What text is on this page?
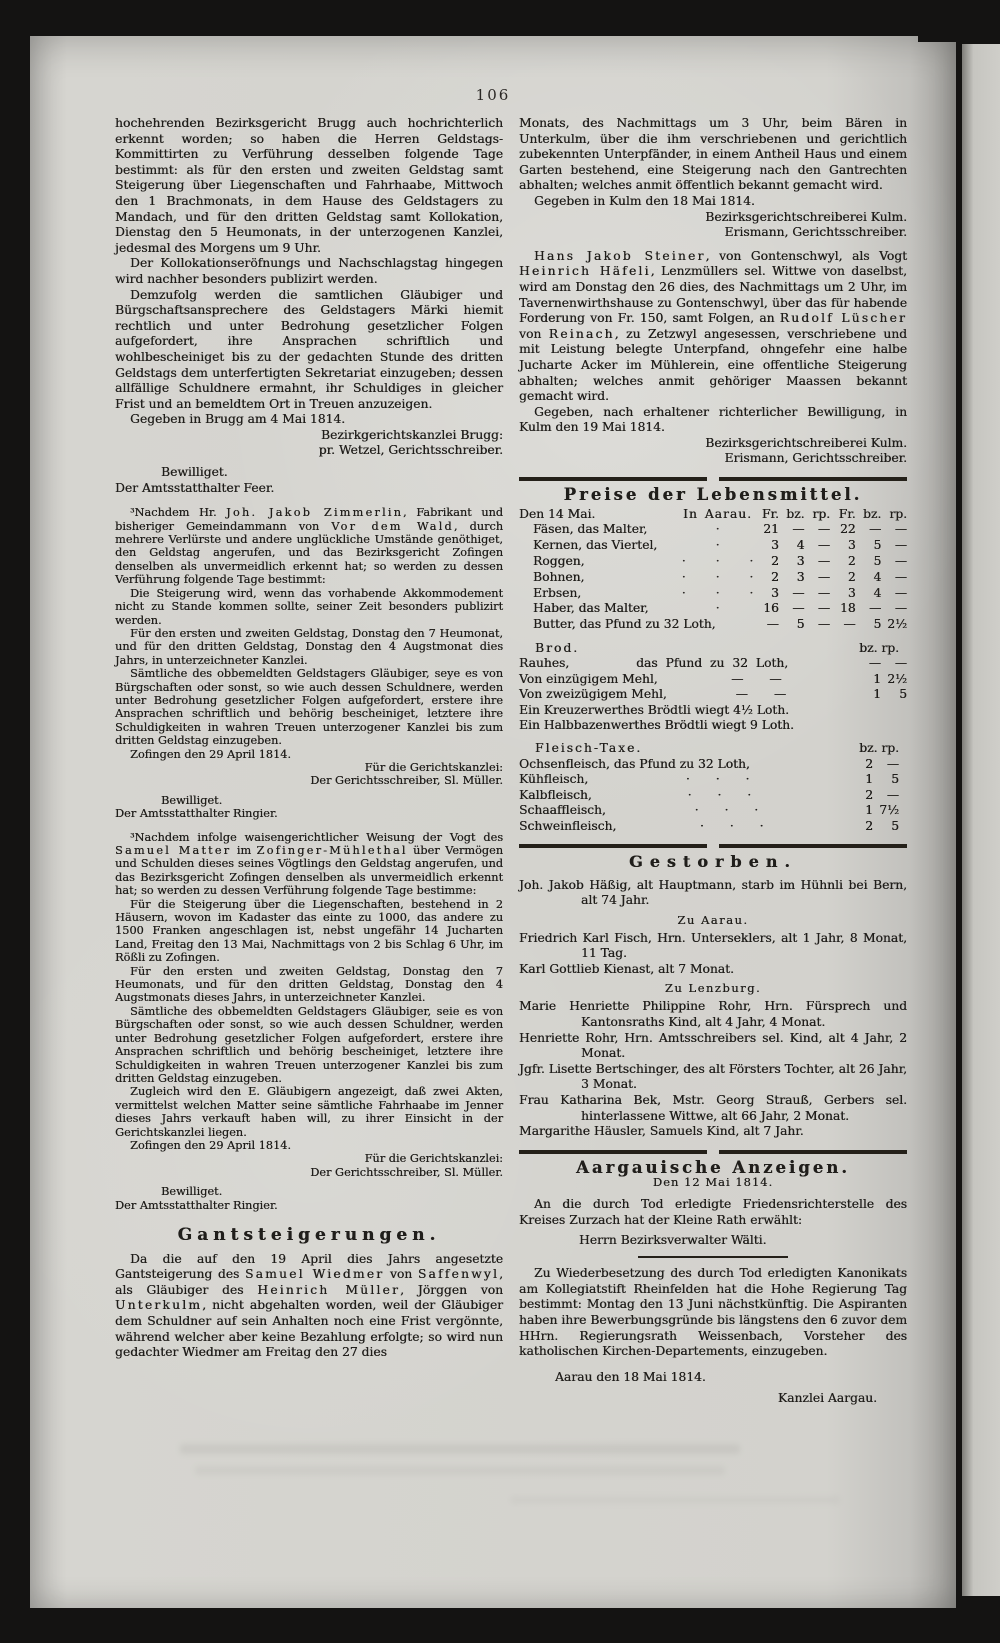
106

hochehrenden Bezirksgericht Brugg auch hochrichterlich erkennt worden; so haben die Herren Geldstags-Kommittirten zu Verführung desselben folgende Tage bestimmt: als für den ersten und zweiten Geldstag samt Steigerung über Liegenschaften und Fahrhaabe, Mittwoch den 1 Brachmonats, in dem Hause des Geldstagers zu Mandach, und für den dritten Geldstag samt Kollokation, Dienstag den 5 Heumonats, in der unterzogenen Kanzlei, jedesmal des Morgens um 9 Uhr.

Der Kollokationseröfnungs und Nachschlagstag hingegen wird nachher besonders publizirt werden.

Demzufolg werden die samtlichen Gläubiger und Bürgschaftsansprechere des Geldstagers Märki hiemit rechtlich und unter Bedrohung gesetzlicher Folgen aufgefordert, ihre Ansprachen schriftlich und wohlbescheiniget bis zu der gedachten Stunde des dritten Geldstags dem unterfertigten Sekretariat einzugeben; dessen allfällige Schuldnere ermahnt, ihr Schuldiges in gleicher Frist und an bemeldtem Ort in Treuen anzuzeigen.

Gegeben in Brugg am 4 Mai 1814.

Bezirkgerichtskanzlei Brugg:

pr. Wetzel, Gerichtsschreiber.

Bewilliget.

Der Amtsstatthalter Feer.

³Nachdem Hr. Joh. Jakob Zimmerlin, Fabrikant und bisheriger Gemeindammann von Vor dem Wald, durch mehrere Verlürste und andere unglückliche Umstände genöthiget, den Geldstag angerufen, und das Bezirksgericht Zofingen denselben als unvermeidlich erkennt hat; so werden zu dessen Verführung folgende Tage bestimmt:

Die Steigerung wird, wenn das vorhabende Akkommodement nicht zu Stande kommen sollte, seiner Zeit besonders publizirt werden.

Für den ersten und zweiten Geldstag, Donstag den 7 Heumonat, und für den dritten Geldstag, Donstag den 4 Augstmonat dies Jahrs, in unterzeichneter Kanzlei.

Sämtliche des obbemeldten Geldstagers Gläubiger, seye es von Bürgschaften oder sonst, so wie auch dessen Schuldnere, werden unter Bedrohung gesetzlicher Folgen aufgefordert, erstere ihre Ansprachen schriftlich und behörig bescheiniget, letztere ihre Schuldigkeiten in wahren Treuen unterzogener Kanzlei bis zum dritten Geldstag einzugeben.

Zofingen den 29 April 1814.

Für die Gerichtskanzlei:

Der Gerichtsschreiber, Sl. Müller.

Bewilliget.

Der Amtsstatthalter Ringier.

³Nachdem infolge waisengerichtlicher Weisung der Vogt des Samuel Matter im Zofinger-Mühlethal über Vermögen und Schulden dieses seines Vögtlings den Geldstag angerufen, und das Bezirksgericht Zofingen denselben als unvermeidlich erkennt hat; so werden zu dessen Verführung folgende Tage bestimme:

Für die Steigerung über die Liegenschaften, bestehend in 2 Häusern, wovon im Kadaster das einte zu 1000, das andere zu 1500 Franken angeschlagen ist, nebst ungefähr 14 Jucharten Land, Freitag den 13 Mai, Nachmittags von 2 bis Schlag 6 Uhr, im Rößli zu Zofingen.

Für den ersten und zweiten Geldstag, Donstag den 7 Heumonats, und für den dritten Geldstag, Donstag den 4 Augstmonats dieses Jahrs, in unterzeichneter Kanzlei.

Sämtliche des obbemeldten Geldstagers Gläubiger, seie es von Bürgschaften oder sonst, so wie auch dessen Schuldner, werden unter Bedrohung gesetzlicher Folgen aufgefordert, erstere ihre Ansprachen schriftlich und behörig bescheiniget, letztere ihre Schuldigkeiten in wahren Treuen unterzogener Kanzlei bis zum dritten Geldstag einzugeben.

Zugleich wird den E. Gläubigern angezeigt, daß zwei Akten, vermittelst welchen Matter seine sämtliche Fahrhaabe im Jenner dieses Jahrs verkauft haben will, zu ihrer Einsicht in der Gerichtskanzlei liegen.

Zofingen den 29 April 1814.

Für die Gerichtskanzlei:

Der Gerichtsschreiber, Sl. Müller.

Bewilliget.

Der Amtsstatthalter Ringier.

Gantsteigerungen.

Da die auf den 19 April dies Jahrs angesetzte Gantsteigerung des Samuel Wiedmer von Saffenwyl, als Gläubiger des Heinrich Müller, Jörggen von Unterkulm, nicht abgehalten worden, weil der Gläubiger dem Schuldner auf sein Anhalten noch eine Frist vergönnte, während welcher aber keine Bezahlung erfolgte; so wird nun gedachter Wiedmer am Freitag den 27 dies

Monats, des Nachmittags um 3 Uhr, beim Bären in Unterkulm, über die ihm verschriebenen und gerichtlich zubekennten Unterpfänder, in einem Antheil Haus und einem Garten bestehend, eine Steigerung nach den Gantrechten abhalten; welches anmit öffentlich bekannt gemacht wird.

Gegeben in Kulm den 18 Mai 1814.

Bezirksgerichtschreiberei Kulm.

Erismann, Gerichtsschreiber.

Hans Jakob Steiner, von Gontenschwyl, als Vogt Heinrich Häfeli, Lenzmüllers sel. Wittwe von daselbst, wird am Donstag den 26 dies, des Nachmittags um 2 Uhr, im Tavernenwirthshause zu Gontenschwyl, über das für habende Forderung von Fr. 150, samt Folgen, an Rudolf Lüscher von Reinach, zu Zetzwyl angesessen, verschriebene und mit Leistung belegte Unterpfand, ohngefehr eine halbe Jucharte Acker im Mühlerein, eine offentliche Steigerung abhalten; welches anmit gehöriger Maassen bekannt gemacht wird.

Gegeben, nach erhaltener richterlicher Bewilligung, in Kulm den 19 Mai 1814.

Bezirksgerichtschreiberei Kulm.

Erismann, Gerichtsschreiber.

Preise der Lebensmittel.

Den 14 Mai.	In Aarau.	Fr.	bz.	rp.	Fr.	bz.	rp.
Fäsen, das Malter,	·	21	—	—	22	—	—
Kernen, das Viertel,	·	3	4	—	3	5	—
Roggen,	· · ·	2	3	—	2	5	—
Bohnen,	· · ·	2	3	—	2	4	—
Erbsen,	· · ·	3	—	—	3	4	—
Haber, das Malter,	·	16	—	—	18	—	—
Butter, das Pfund zu 32 Loth,		—	5	—	—	5	2½
Brod.	bz. rp.
Rauhes,	das Pfund zu 32 Loth,	—	—
Von einzügigem Mehl,	— —	1 2½
Von zweizügigem Mehl,	— —	1	5

Ein Kreuzerwerthes Brödtli wiegt 4½ Loth.

Ein Halbbazenwerthes Brödtli wiegt 9 Loth.

Fleisch-Taxe.	bz. rp.
Ochsenfleisch, das Pfund zu 32 Loth,	2	—
Kühfleisch,	· · ·	1	5
Kalbfleisch,	· · ·	2	—
Schaaffleisch,	· · ·	1 7½
Schweinfleisch,	· · ·	2	5

Gestorben.

Joh. Jakob Häßig, alt Hauptmann, starb im Hühnli bei Bern, alt 74 Jahr.

Zu Aarau.

Friedrich Karl Fisch, Hrn. Unterseklers, alt 1 Jahr, 8 Monat, 11 Tag.

Karl Gottlieb Kienast, alt 7 Monat.

Zu Lenzburg.

Marie Henriette Philippine Rohr, Hrn. Fürsprech und Kantonsraths Kind, alt 4 Jahr, 4 Monat.

Henriette Rohr, Hrn. Amtsschreibers sel. Kind, alt 4 Jahr, 2 Monat.

Jgfr. Lisette Bertschinger, des alt Försters Tochter, alt 26 Jahr, 3 Monat.

Frau Katharina Bek, Mstr. Georg Strauß, Gerbers sel. hinterlassene Wittwe, alt 66 Jahr, 2 Monat.

Margarithe Häusler, Samuels Kind, alt 7 Jahr.

Aargauische Anzeigen.

Den 12 Mai 1814.

An die durch Tod erledigte Friedensrichterstelle des Kreises Zurzach hat der Kleine Rath erwählt:

Herrn Bezirksverwalter Wälti.

Zu Wiederbesetzung des durch Tod erledigten Kanonikats am Kollegiatstift Rheinfelden hat die Hohe Regierung Tag bestimmt: Montag den 13 Juni nächstkünftig. Die Aspiranten haben ihre Bewerbungsgründe bis längstens den 6 zuvor dem HHrn. Regierungsrath Weissenbach, Vorsteher des katholischen Kirchen-Departements, einzugeben.

Aarau den 18 Mai 1814.

Kanzlei Aargau.
